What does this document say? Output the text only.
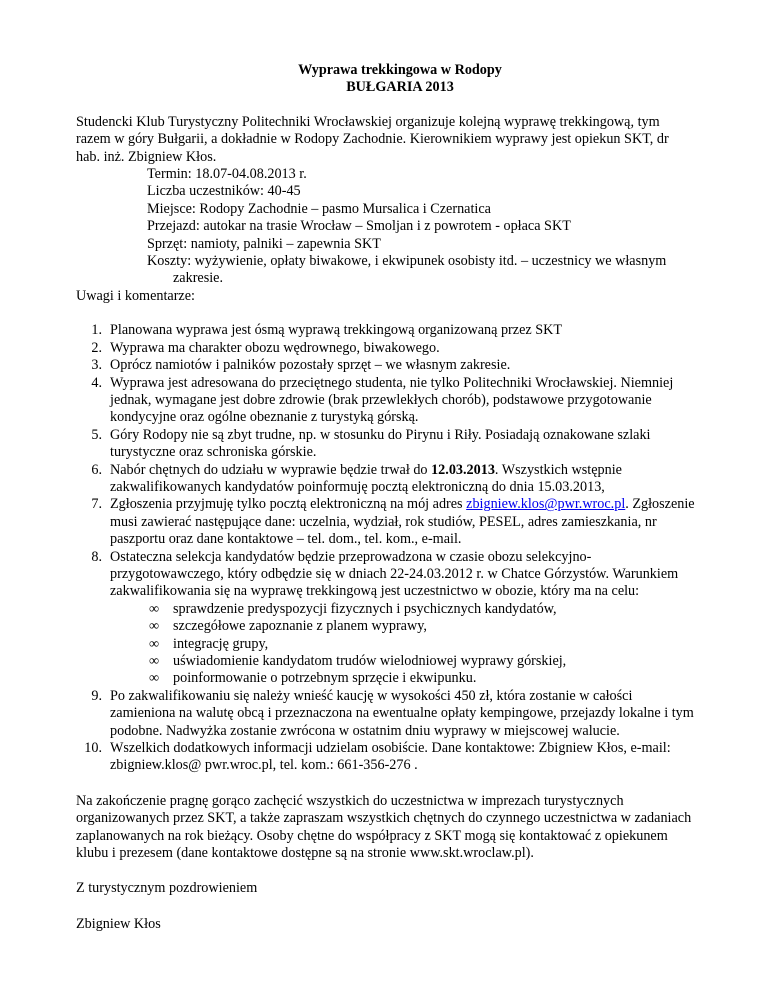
Wyprawa trekkingowa w Rodopy

BUŁGARIA 2013

Studencki Klub Turystyczny Politechniki Wrocławskiej organizuje kolejną wyprawę trekkingową, tym razem w góry Bułgarii, a dokładnie w Rodopy Zachodnie. Kierownikiem wyprawy jest opiekun SKT, dr hab. inż. Zbigniew Kłos.

Termin: 18.07-04.08.2013 r.

Liczba uczestników: 40-45

Miejsce: Rodopy Zachodnie – pasmo Mursalica i Czernatica

Przejazd: autokar na trasie Wrocław – Smoljan i z powrotem - opłaca SKT

Sprzęt: namioty, palniki – zapewnia SKT

Koszty: wyżywienie, opłaty biwakowe, i ekwipunek osobisty itd. – uczestnicy we własnym

zakresie.

Uwagi i komentarze:

1. Planowana wyprawa jest ósmą wyprawą trekkingową organizowaną przez SKT
2. Wyprawa ma charakter obozu wędrownego, biwakowego.
3. Oprócz namiotów i palników pozostały sprzęt – we własnym zakresie.
4. Wyprawa jest adresowana do przeciętnego studenta, nie tylko Politechniki Wrocławskiej. Niemniej jednak, wymagane jest dobre zdrowie (brak przewlekłych chorób), podstawowe przygotowanie kondycyjne oraz ogólne obeznanie z turystyką górską.
5. Góry Rodopy nie są zbyt trudne, np. w stosunku do Pirynu i Riły. Posiadają oznakowane szlaki turystyczne oraz schroniska górskie.
6. Nabór chętnych do udziału w wyprawie będzie trwał do 12.03.2013. Wszystkich wstępnie zakwalifikowanych kandydatów poinformuję pocztą elektroniczną do dnia 15.03.2013,
7. Zgłoszenia przyjmuję tylko pocztą elektroniczną na mój adres zbigniew.klos@pwr.wroc.pl. Zgłoszenie musi zawierać następujące dane: uczelnia, wydział, rok studiów, PESEL, adres zamieszkania, nr paszportu oraz dane kontaktowe – tel. dom., tel. kom., e-mail.
8. Ostateczna selekcja kandydatów będzie przeprowadzona w czasie obozu selekcyjno-przygotowawczego, który odbędzie się w dniach 22-24.03.2012 r. w Chatce Górzystów. Warunkiem zakwalifikowania się na wyprawę trekkingową jest uczestnictwo w obozie, który ma na celu:
∞ sprawdzenie predyspozycji fizycznych i psychicznych kandydatów,
∞ szczegółowe zapoznanie z planem wyprawy,
∞ integrację grupy,
∞ uświadomienie kandydatom trudów wielodniowej wyprawy górskiej,
∞ poinformowanie o potrzebnym sprzęcie i ekwipunku.
9. Po zakwalifikowaniu się należy wnieść kaucję w wysokości 450 zł, która zostanie w całości zamieniona na walutę obcą i przeznaczona na ewentualne opłaty kempingowe, przejazdy lokalne i tym podobne. Nadwyżka zostanie zwrócona w ostatnim dniu wyprawy w miejscowej walucie.
10. Wszelkich dodatkowych informacji udzielam osobiście. Dane kontaktowe: Zbigniew Kłos, e-mail: zbigniew.klos@ pwr.wroc.pl, tel. kom.: 661-356-276 .

Na zakończenie pragnę gorąco zachęcić wszystkich do uczestnictwa w imprezach turystycznych organizowanych przez SKT, a także zapraszam wszystkich chętnych do czynnego uczestnictwa w zadaniach zaplanowanych na rok bieżący. Osoby chętne do współpracy z SKT mogą się kontaktować z opiekunem klubu i prezesem (dane kontaktowe dostępne są na stronie www.skt.wroclaw.pl).

Z turystycznym pozdrowieniem

Zbigniew Kłos
